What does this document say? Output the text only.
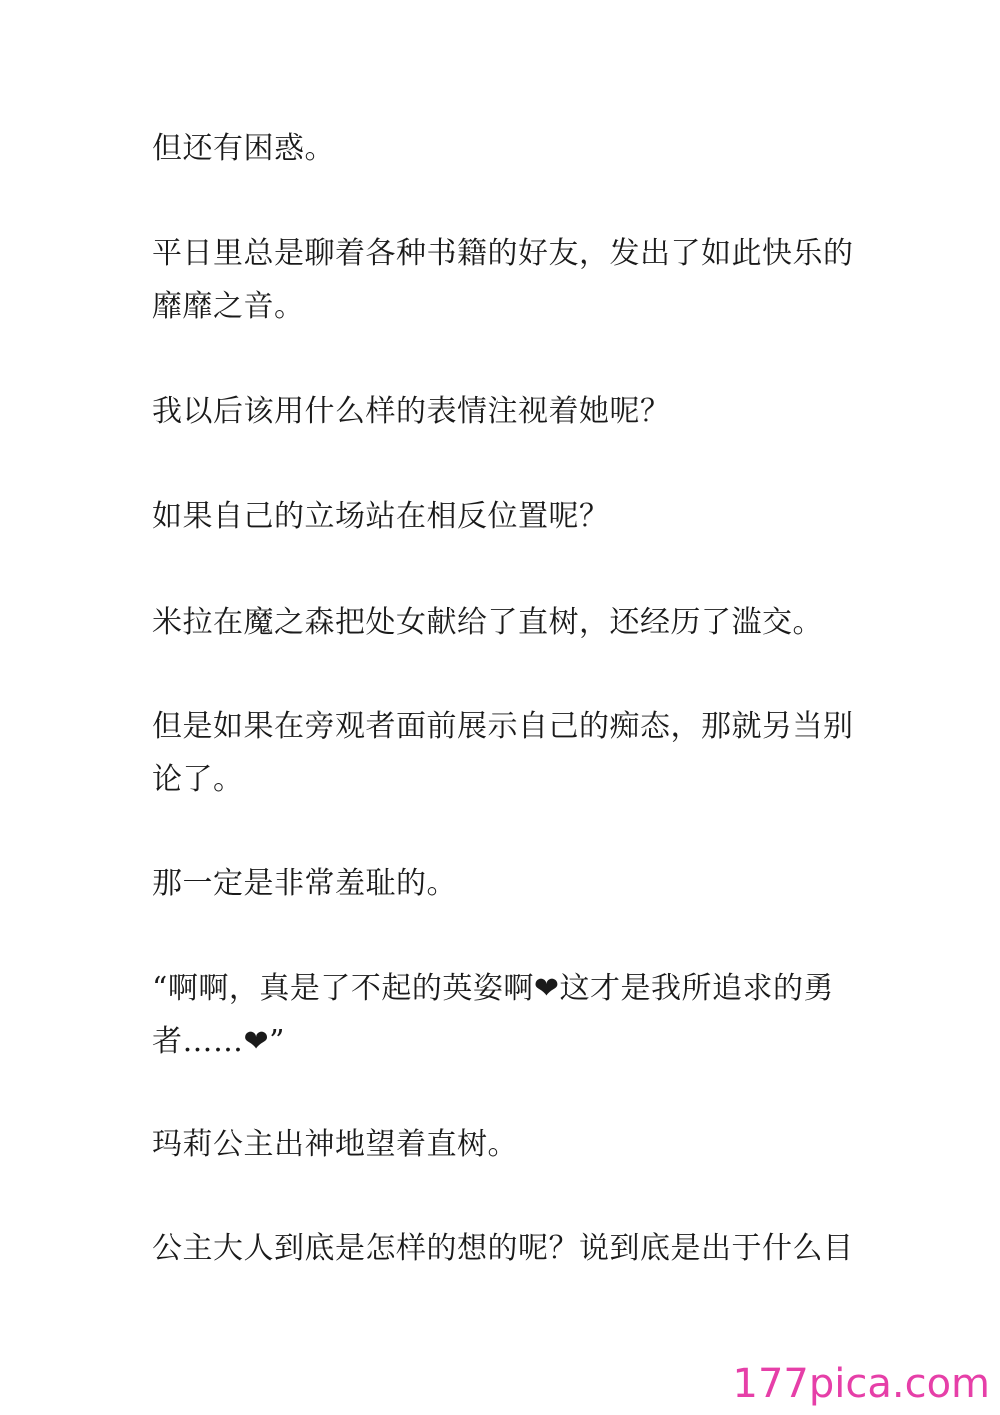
但还有困惑。

平日里总是聊着各种书籍的好友，发出了如此快乐的靡靡之音。

我以后该用什么样的表情注视着她呢？

如果自己的立场站在相反位置呢？

米拉在魔之森把处女献给了直树，还经历了滥交。

但是如果在旁观者面前展示自己的痴态，那就另当别论了。

那一定是非常羞耻的。

“啊啊，真是了不起的英姿啊❤这才是我所追求的勇者……❤”

玛莉公主出神地望着直树。

公主大人到底是怎样的想的呢？说到底是出于什么目

177pica.com
